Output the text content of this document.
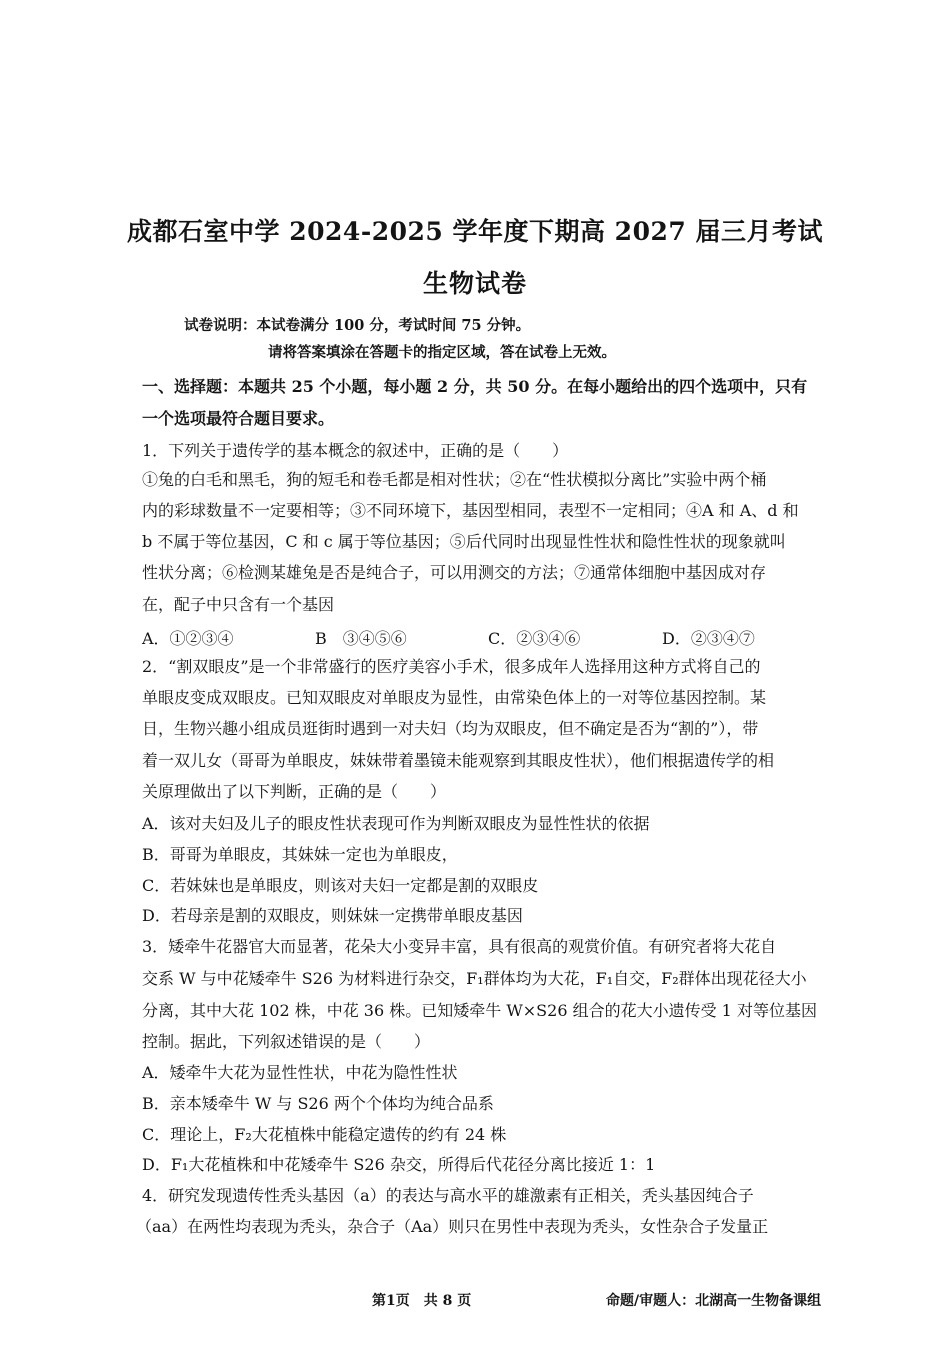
成都石室中学 2024-2025 学年度下期高 2027 届三月考试
生物试卷
试卷说明：本试卷满分 100 分，考试时间 75 分钟。
请将答案填涂在答题卡的指定区域，答在试卷上无效。
一、选择题：本题共 25 个小题，每小题 2 分，共 50 分。在每小题给出的四个选项中，只有
一个选项最符合题目要求。
1．下列关于遗传学的基本概念的叙述中，正确的是（　　）
①兔的白毛和黑毛，狗的短毛和卷毛都是相对性状；②在“性状模拟分离比”实验中两个桶
内的彩球数量不一定要相等；③不同环境下，基因型相同，表型不一定相同；④A 和 A、d 和
b 不属于等位基因，C 和 c 属于等位基因；⑤后代同时出现显性性状和隐性性状的现象就叫
性状分离；⑥检测某雄兔是否是纯合子，可以用测交的方法；⑦通常体细胞中基因成对存
在，配子中只含有一个基因
A．①②③④	B　③④⑤⑥	C．②③④⑥	D．②③④⑦
2．“割双眼皮”是一个非常盛行的医疗美容小手术，很多成年人选择用这种方式将自己的
单眼皮变成双眼皮。已知双眼皮对单眼皮为显性，由常染色体上的一对等位基因控制。某
日，生物兴趣小组成员逛街时遇到一对夫妇（均为双眼皮，但不确定是否为“割的”），带
着一双儿女（哥哥为单眼皮，妹妹带着墨镜未能观察到其眼皮性状），他们根据遗传学的相
关原理做出了以下判断，正确的是（　　）
A．该对夫妇及儿子的眼皮性状表现可作为判断双眼皮为显性性状的依据
B．哥哥为单眼皮，其妹妹一定也为单眼皮，
C．若妹妹也是单眼皮，则该对夫妇一定都是割的双眼皮
D．若母亲是割的双眼皮，则妹妹一定携带单眼皮基因
3．矮牵牛花器官大而显著，花朵大小变异丰富，具有很高的观赏价值。有研究者将大花自
交系 W 与中花矮牵牛 S26 为材料进行杂交，F₁群体均为大花，F₁自交，F₂群体出现花径大小
分离，其中大花 102 株，中花 36 株。已知矮牵牛 W×S26 组合的花大小遗传受 1 对等位基因
控制。据此，下列叙述错误的是（　　）
A．矮牵牛大花为显性性状，中花为隐性性状
B．亲本矮牵牛 W 与 S26 两个个体均为纯合品系
C．理论上，F₂大花植株中能稳定遗传的约有 24 株
D．F₁大花植株和中花矮牵牛 S26 杂交，所得后代花径分离比接近 1：1
4．研究发现遗传性秃头基因（a）的表达与高水平的雄激素有正相关，秃头基因纯合子
（aa）在两性均表现为秃头，杂合子（Aa）则只在男性中表现为秃头，女性杂合子发量正
第1页　共 8 页	命题/审题人：北湖高一生物备课组
